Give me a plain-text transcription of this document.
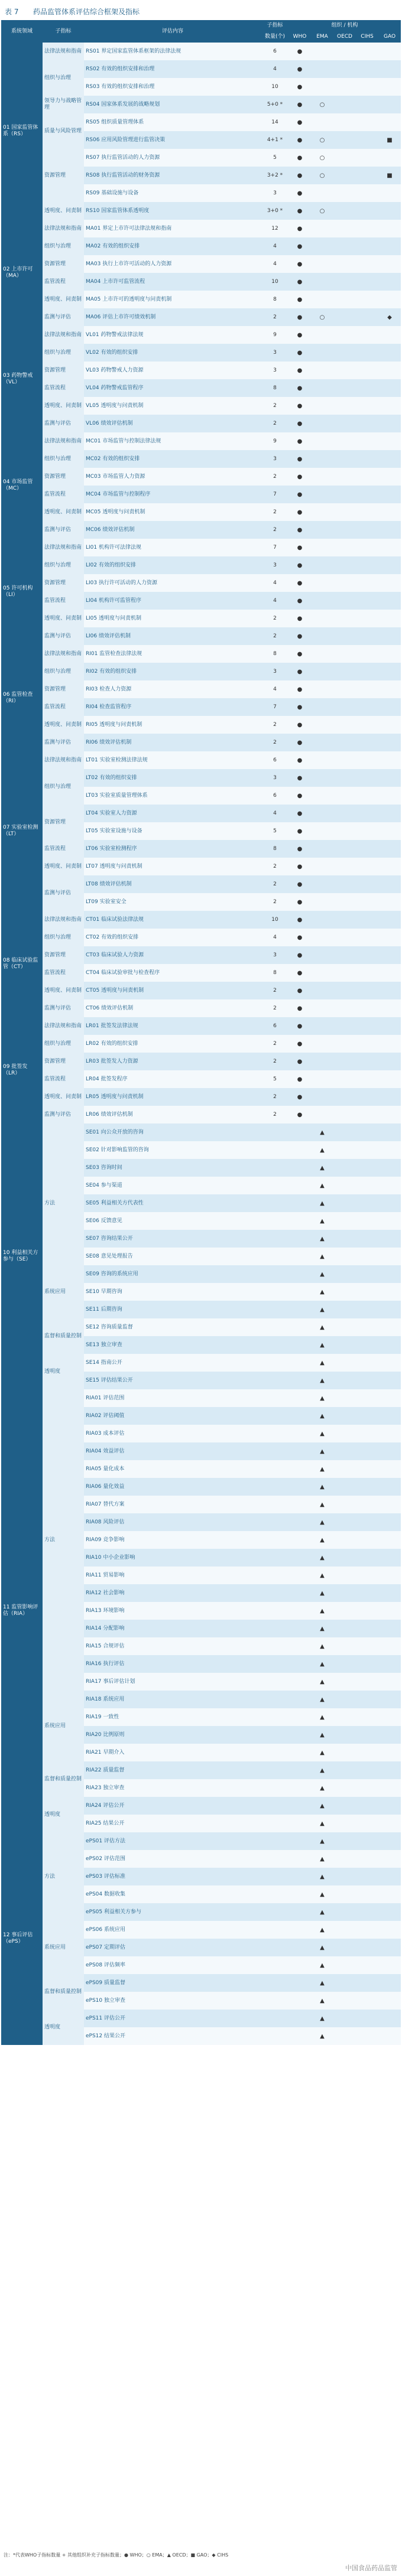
表 7 药品监管体系评估综合框架及指标
系统领域	子指标	评估内容	子指标	组织 / 机构				
			数量(个)	WHO	EMA	OECD	CIHS	GAO
01 国家监管体系（RS）	法律法规和指南	RS01 界定国家监管体系框架的法律法规	6	●				
	组织与治理	RS02 有效的组织安排和治理	4	●				
		RS03 有效的组织安排和治理	10	●				
	领导力与战略管理	RS04 国家体系发展的战略规划	5+0 *	●	○			
	质量与风险管理	RS05 组织质量管理体系	14	●				
		RS06 应用风险管理进行监管决策	4+1 *	●	○			■
	资源管理	RS07 执行监管活动的人力资源	5	●	○			
		RS08 执行监管活动的财务资源	3+2 *	●	○			■
		RS09 基础设施与设备	3	●				
	透明度、问责制	RS10 国家监管体系透明度	3+0 *	●	○			
02 上市许可（MA）	法律法规和指南	MA01 界定上市许可法律法规和指南	12	●				
	组织与治理	MA02 有效的组织安排	4	●				
	资源管理	MA03 执行上市许可活动的人力资源	4	●				
	监管流程	MA04 上市许可监管流程	10	●				
	透明度、问责制	MA05 上市许可的透明度与问责机制	8	●				
	监测与评估	MA06 评估上市许可绩效机制	2	●	○			◆
03 药物警戒（VL）	法律法规和指南	VL01 药物警戒法律法规	9	●				
	组织与治理	VL02 有效的组织安排	3	●				
	资源管理	VL03 药物警戒人力资源	3	●				
	监管流程	VL04 药物警戒监管程序	8	●				
	透明度、问责制	VL05 透明度与问责机制	2	●				
	监测与评估	VL06 绩效评估机制	2	●				
04 市场监管（MC）	法律法规和指南	MC01 市场监管与控制法律法规	9	●				
	组织与治理	MC02 有效的组织安排	3	●				
	资源管理	MC03 市场监管人力资源	2	●				
	监管流程	MC04 市场监管与控制程序	7	●				
	透明度、问责制	MC05 透明度与问责机制	2	●				
	监测与评估	MC06 绩效评估机制	2	●				
05 许可机构（LI）	法律法规和指南	LI01 机构许可法律法规	7	●				
	组织与治理	LI02 有效的组织安排	3	●				
	资源管理	LI03 执行许可活动的人力资源	4	●				
	监管流程	LI04 机构许可监管程序	4	●				
	透明度、问责制	LI05 透明度与问责机制	2	●				
	监测与评估	LI06 绩效评估机制	2	●				
06 监管检查（RI）	法律法规和指南	RI01 监管检查法律法规	8	●				
	组织与治理	RI02 有效的组织安排	3	●				
	资源管理	RI03 检查人力资源	4	●				
	监管流程	RI04 检查监管程序	7	●				
	透明度、问责制	RI05 透明度与问责机制	2	●				
	监测与评估	RI06 绩效评估机制	2	●				
07 实验室检测（LT）	法律法规和指南	LT01 实验室检测法律法规	6	●				
	组织与治理	LT02 有效的组织安排	3	●				
		LT03 实验室质量管理体系	6	●				
	资源管理	LT04 实验室人力资源	4	●				
		LT05 实验室设施与设备	5	●				
	监管流程	LT06 实验室检测程序	8	●				
	透明度、问责制	LT07 透明度与问责机制	2	●				
	监测与评估	LT08 绩效评估机制	2	●				
		LT09 实验室安全	2	●				
08 临床试验监管（CT）	法律法规和指南	CT01 临床试验法律法规	10	●				
	组织与治理	CT02 有效的组织安排	4	●				
	资源管理	CT03 临床试验人力资源	3	●				
	监管流程	CT04 临床试验审批与检查程序	8	●				
	透明度、问责制	CT05 透明度与问责机制	2	●				
	监测与评估	CT06 绩效评估机制	2	●				
09 批签发（LR）	法律法规和指南	LR01 批签发法律法规	6	●				
	组织与治理	LR02 有效的组织安排	2	●				
	资源管理	LR03 批签发人力资源	2	●				
	监管流程	LR04 批签发程序	5	●				
	透明度、问责制	LR05 透明度与问责机制	2	●				
	监测与评估	LR06 绩效评估机制	2	●				
10 利益相关方参与（SE）		SE01 向公众开放的咨询			▲			
	方法	SE02 针对影响监管的咨询			▲			
		SE03 咨询时间			▲			
		SE04 参与渠道			▲			
		SE05 利益相关方代表性			▲			
		SE06 反馈意见			▲			
		SE07 咨询结果公开			▲			
		SE08 意见处理报告			▲			
	系统应用	SE09 咨询的系统应用			▲			
		SE10 早期咨询			▲			
		SE11 后期咨询			▲			
	监督和质量控制	SE12 咨询质量监督			▲			
		SE13 独立审查			▲			
	透明度	SE14 指南公开			▲			
		SE15 评估结果公开			▲			
11 监管影响评估（RIA）	方法	RIA01 评估范围			▲			
		RIA02 评估阈值			▲			
		RIA03 成本评估			▲			
		RIA04 效益评估			▲			
		RIA05 量化成本			▲			
		RIA06 量化效益			▲			
		RIA07 替代方案			▲			
		RIA08 风险评估			▲			
		RIA09 竞争影响			▲			
		RIA10 中小企业影响			▲			
		RIA11 贸易影响			▲			
		RIA12 社会影响			▲			
		RIA13 环境影响			▲			
		RIA14 分配影响			▲			
		RIA15 合规评估			▲			
		RIA16 执行评估			▲			
		RIA17 事后评估计划			▲			
	系统应用	RIA18 系统应用			▲			
		RIA19 一致性			▲			
		RIA20 比例原则			▲			
		RIA21 早期介入			▲			
	监督和质量控制	RIA22 质量监督			▲			
		RIA23 独立审查			▲			
	透明度	RIA24 评估公开			▲			
		RIA25 结果公开			▲			
12 事后评估（ePS）	方法	ePS01 评估方法			▲			
		ePS02 评估范围			▲			
		ePS03 评估标准			▲			
		ePS04 数据收集			▲			
		ePS05 利益相关方参与			▲			
	系统应用	ePS06 系统应用			▲			
		ePS07 定期评估			▲			
		ePS08 评估频率			▲			
	监督和质量控制	ePS09 质量监督			▲			
		ePS10 独立审查			▲			
	透明度	ePS11 评估公开			▲			
		ePS12 结果公开			▲			
注：*代表WHO子指标数量 + 其他组织补充子指标数量；● WHO；○ EMA；▲ OECD；■ GAO；◆ CIHS
中国食品药品监管
